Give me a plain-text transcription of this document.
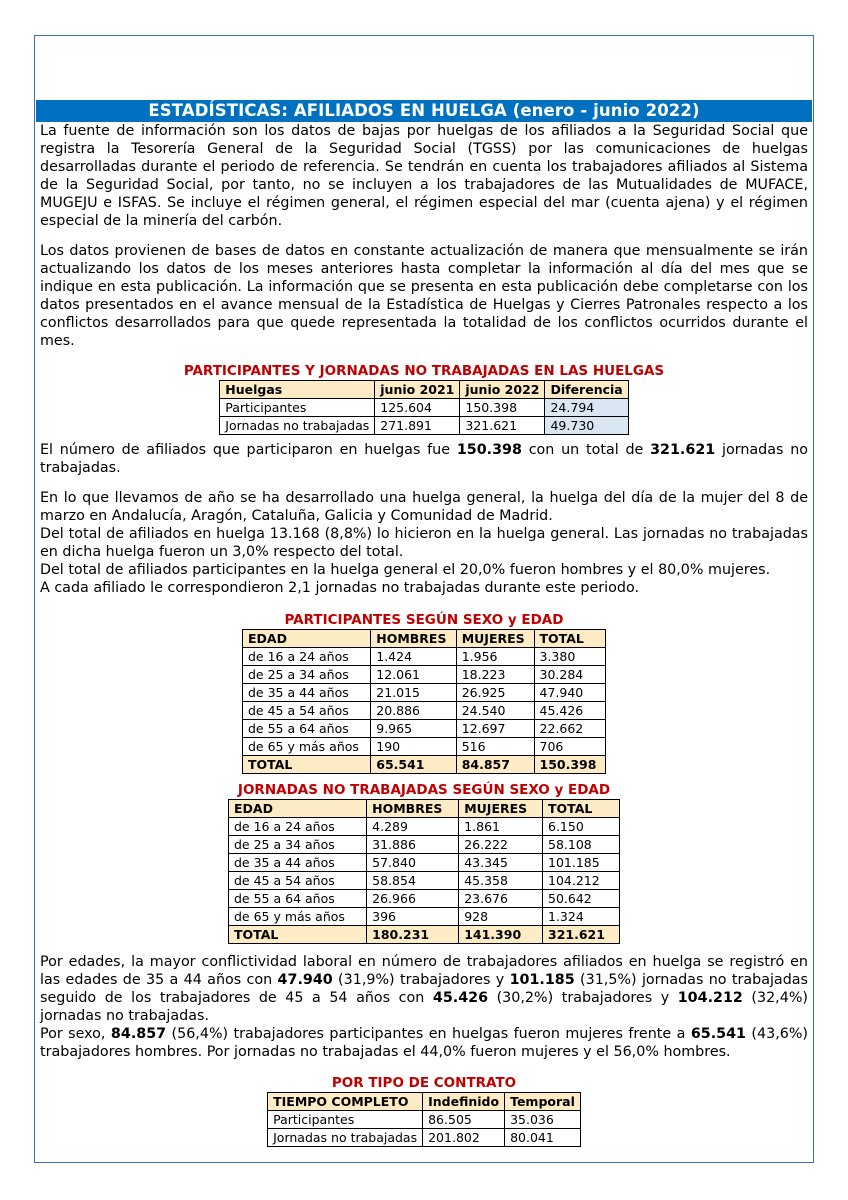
ESTADÍSTICAS: AFILIADOS EN HUELGA (enero - junio 2022)

La fuente de información son los datos de bajas por huelgas de los afiliados a la Seguridad Social que registra la Tesorería General de la Seguridad Social (TGSS) por las comunicaciones de huelgas desarrolladas durante el periodo de referencia. Se tendrán en cuenta los trabajadores afiliados al Sistema de la Seguridad Social, por tanto, no se incluyen a los trabajadores de las Mutualidades de MUFACE, MUGEJU e ISFAS. Se incluye el régimen general, el régimen especial del mar (cuenta ajena) y el régimen especial de la minería del carbón.

Los datos provienen de bases de datos en constante actualización de manera que mensualmente se irán actualizando los datos de los meses anteriores hasta completar la información al día del mes que se indique en esta publicación. La información que se presenta en esta publicación debe completarse con los datos presentados en el avance mensual de la Estadística de Huelgas y Cierres Patronales respecto a los conflictos desarrollados para que quede representada la totalidad de los conflictos ocurridos durante el mes.

PARTICIPANTES Y JORNADAS NO TRABAJADAS EN LAS HUELGAS
Huelgas	junio 2021	junio 2022	Diferencia
Participantes	125.604	150.398	24.794
Jornadas no trabajadas	271.891	321.621	49.730

El número de afiliados que participaron en huelgas fue 150.398 con un total de 321.621 jornadas no trabajadas.

En lo que llevamos de año se ha desarrollado una huelga general, la huelga del día de la mujer del 8 de marzo en Andalucía, Aragón, Cataluña, Galicia y Comunidad de Madrid.

Del total de afiliados en huelga 13.168 (8,8%) lo hicieron en la huelga general. Las jornadas no trabajadas en dicha huelga fueron un 3,0% respecto del total.

Del total de afiliados participantes en la huelga general el 20,0% fueron hombres y el 80,0% mujeres.

A cada afiliado le correspondieron 2,1 jornadas no trabajadas durante este periodo.

PARTICIPANTES SEGÚN SEXO y EDAD
EDAD	HOMBRES	MUJERES	TOTAL
de 16 a 24 años	1.424	1.956	3.380
de 25 a 34 años	12.061	18.223	30.284
de 35 a 44 años	21.015	26.925	47.940
de 45 a 54 años	20.886	24.540	45.426
de 55 a 64 años	9.965	12.697	22.662
de 65 y más años	190	516	706
TOTAL	65.541	84.857	150.398
JORNADAS NO TRABAJADAS SEGÚN SEXO y EDAD
EDAD	HOMBRES	MUJERES	TOTAL
de 16 a 24 años	4.289	1.861	6.150
de 25 a 34 años	31.886	26.222	58.108
de 35 a 44 años	57.840	43.345	101.185
de 45 a 54 años	58.854	45.358	104.212
de 55 a 64 años	26.966	23.676	50.642
de 65 y más años	396	928	1.324
TOTAL	180.231	141.390	321.621

Por edades, la mayor conflictividad laboral en número de trabajadores afiliados en huelga se registró en las edades de 35 a 44 años con 47.940 (31,9%) trabajadores y 101.185 (31,5%) jornadas no trabajadas seguido de los trabajadores de 45 a 54 años con 45.426 (30,2%) trabajadores y 104.212 (32,4%) jornadas no trabajadas.

Por sexo, 84.857 (56,4%) trabajadores participantes en huelgas fueron mujeres frente a 65.541 (43,6%) trabajadores hombres. Por jornadas no trabajadas el 44,0% fueron mujeres y el 56,0% hombres.

POR TIPO DE CONTRATO
TIEMPO COMPLETO	Indefinido	Temporal
Participantes	86.505	35.036
Jornadas no trabajadas	201.802	80.041
